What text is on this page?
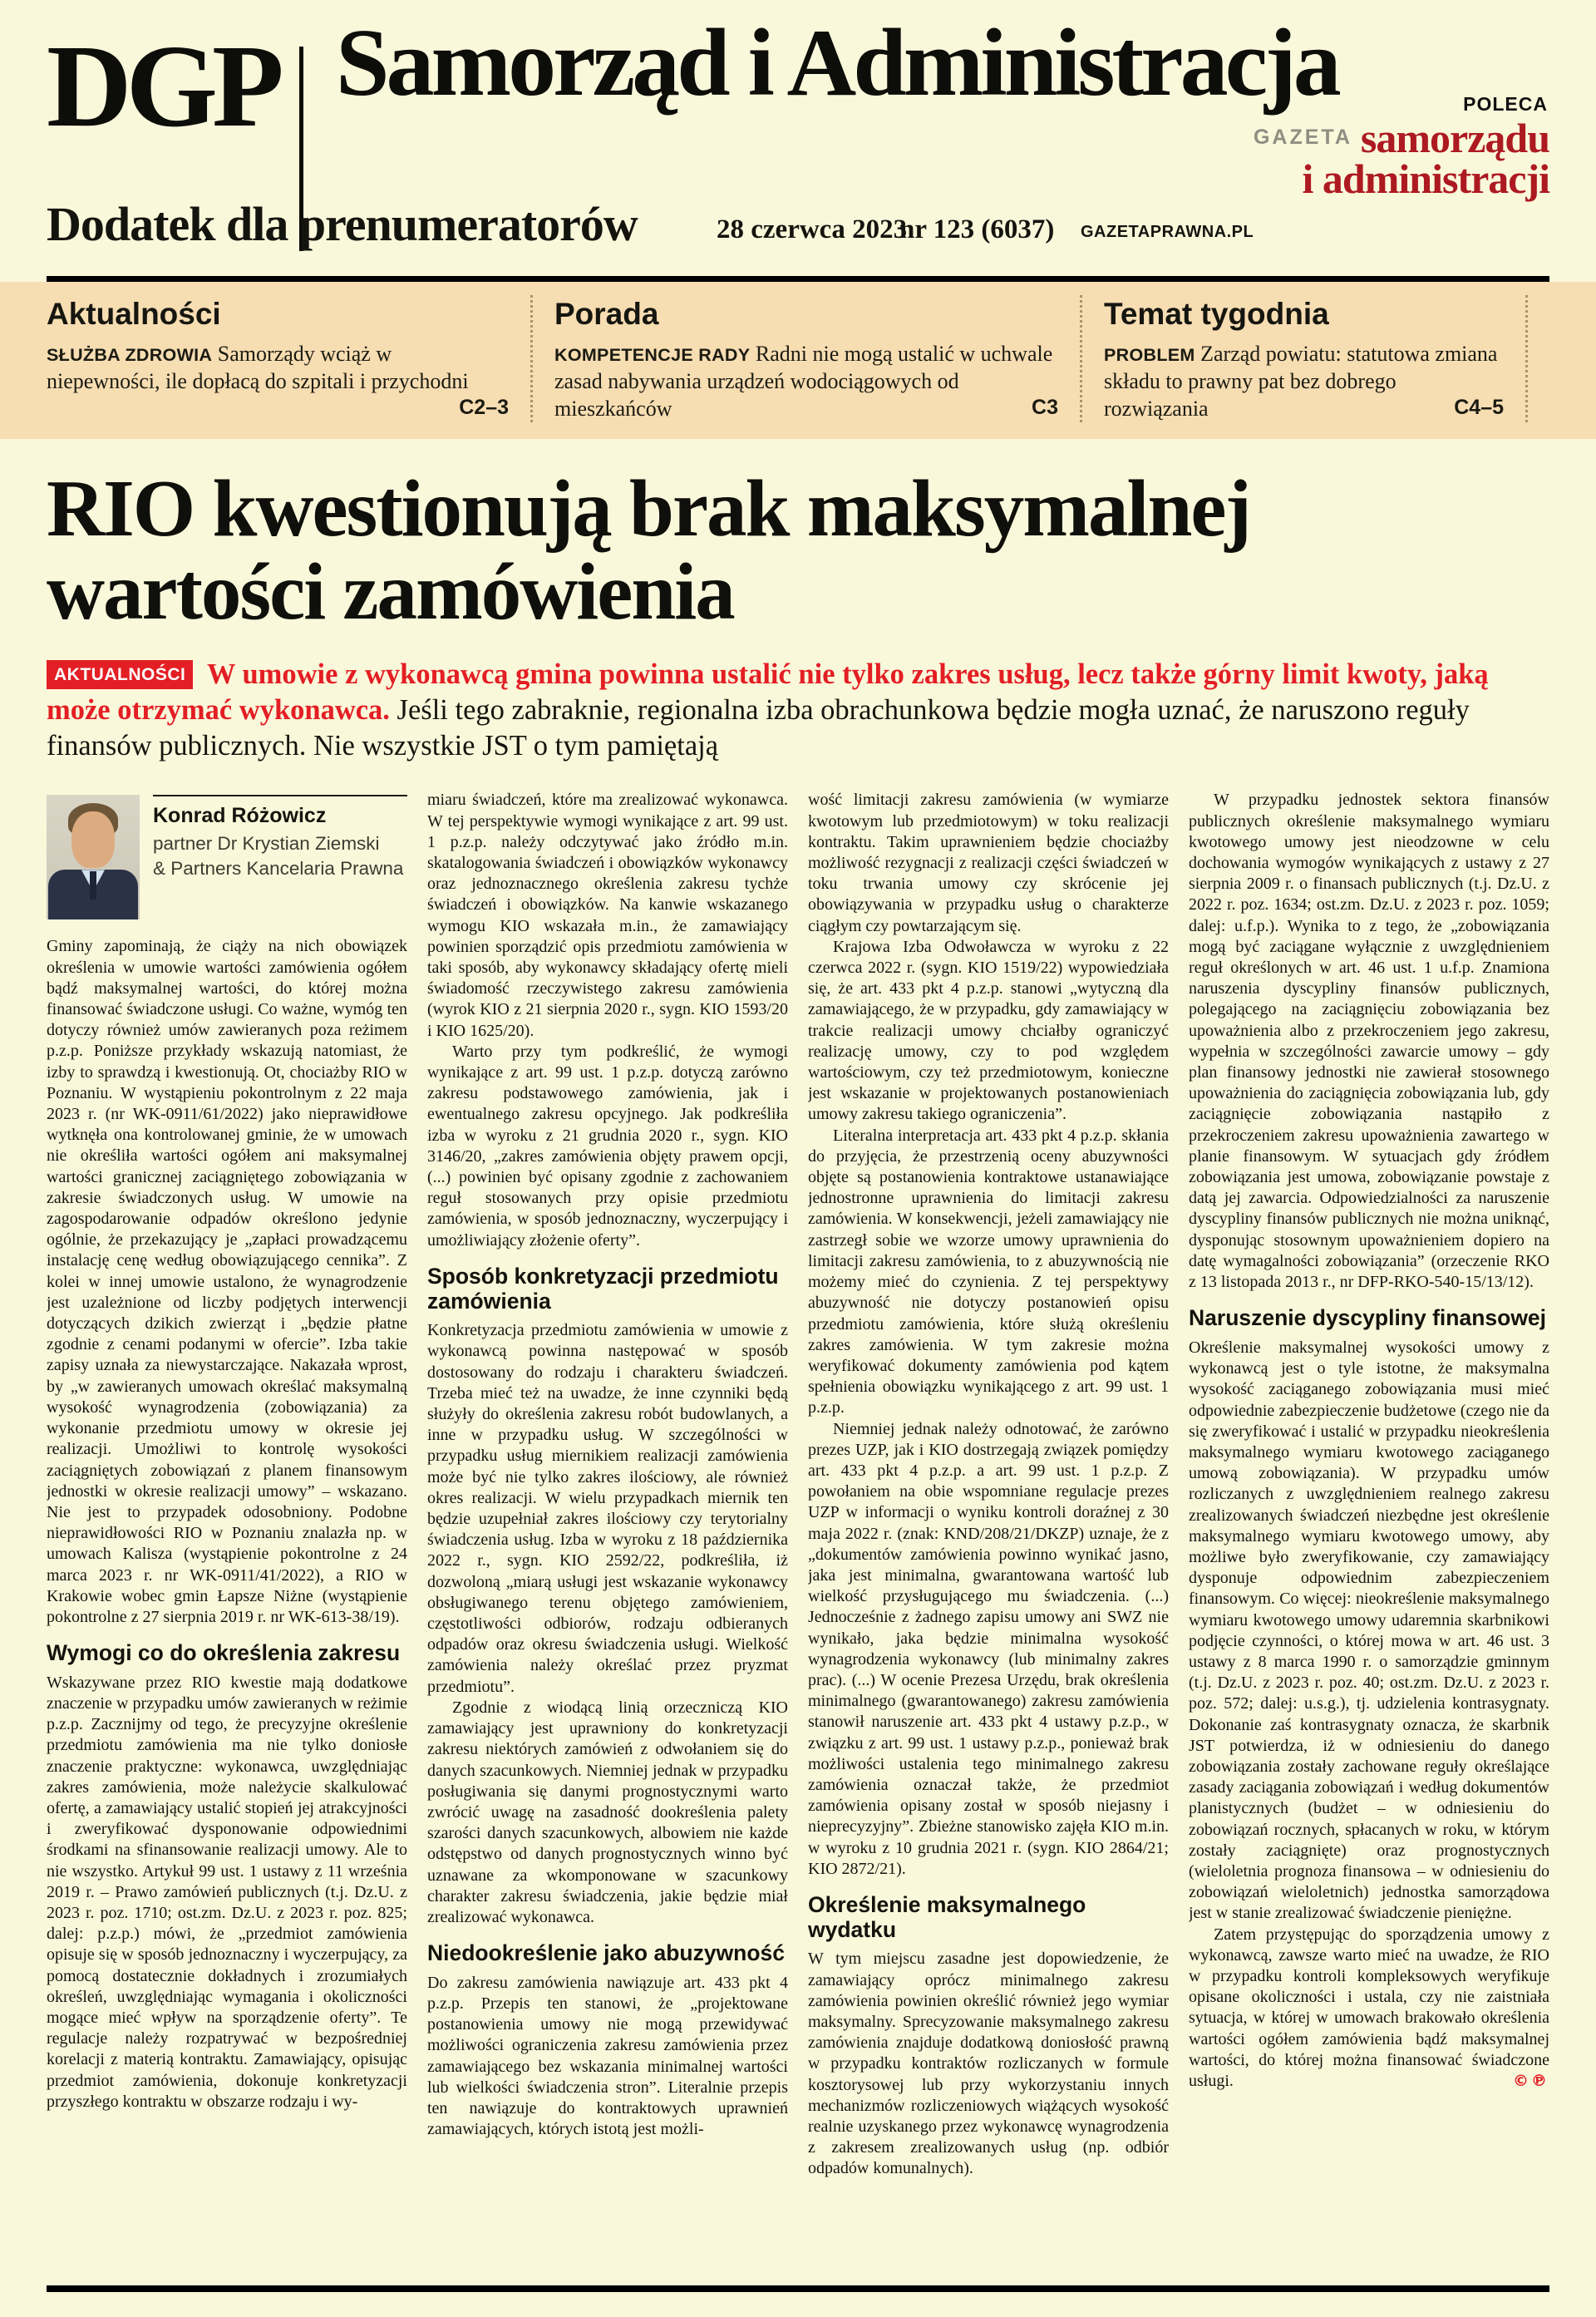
DGP Samorząd i Administracja
Dodatek dla prenumeratorów	28 czerwca 2023
nr 123 (6037) GAZETAPRAWNA.PL
POLECA
GAZETA samorządu
i administracji
Aktualności

SŁUŻBA ZDROWIA Samorządy wciąż w niepewności, ile dopłacą do szpitali i przychodni
C2–3

Porada

KOMPETENCJE RADY Radni nie mogą ustalić w uchwale zasad nabywania urządzeń wodociągowych od mieszkańców	C3

Temat tygodnia

PROBLEM Zarząd powiatu: statutowa zmiana składu to prawny pat bez dobrego rozwiązania	C4–5

RIO kwestionują brak maksymalnej
wartości zamówienia

AKTUALNOŚCI W umowie z wykonawcą gmina powinna ustalić nie tylko zakres usług, lecz także górny limit kwoty, jaką może otrzymać wykonawca. Jeśli tego zabraknie, regionalna izba obrachunkowa będzie mogła uznać, że naruszono reguły finansów publicznych. Nie wszystkie JST o tym pamiętają

Konrad Różowicz
partner Dr Krystian Ziemski
& Partners Kancelaria Prawna

Gminy zapominają, że ciąży na nich obowiązek określenia w umowie wartości zamówienia ogółem bądź maksymalnej wartości, do której można finansować świadczone usługi. Co ważne, wymóg ten dotyczy również umów zawieranych poza reżimem p.z.p. Poniższe przykłady wskazują natomiast, że izby to sprawdzą i kwestionują. Ot, chociażby RIO w Poznaniu. W wystąpieniu pokontrolnym z 22 maja 2023 r. (nr WK-0911/61/2022) jako nieprawidłowe wytknęła ona kontrolowanej gminie, że w umowach nie określiła wartości ogółem ani maksymalnej wartości granicznej zaciągniętego zobowiązania w zakresie świadczonych usług. W umowie na zagospodarowanie odpadów określono jedynie ogólnie, że przekazujący je „zapłaci prowadzącemu instalację cenę według obowiązującego cennika”. Z kolei w innej umowie ustalono, że wynagrodzenie jest uzależnione od liczby podjętych interwencji dotyczących dzikich zwierząt i „będzie płatne zgodnie z cenami podanymi w ofercie”. Izba takie zapisy uznała za niewystarczające. Nakazała wprost, by „w zawieranych umowach określać maksymalną wysokość wynagrodzenia (zobowiązania) za wykonanie przedmiotu umowy w okresie jej realizacji. Umożliwi to kontrolę wysokości zaciągniętych zobowiązań z planem finansowym jednostki w okresie realizacji umowy” – wskazano. Nie jest to przypadek odosobniony. Podobne nieprawidłowości RIO w Poznaniu znalazła np. w umowach Kalisza (wystąpienie pokontrolne z 24 marca 2023 r. nr WK-0911/41/2022), a RIO w Krakowie wobec gmin Łapsze Niżne (wystąpienie pokontrolne z 27 sierpnia 2019 r. nr WK-613-38/19).

Wymogi co do określenia zakresu

Wskazywane przez RIO kwestie mają dodatkowe znaczenie w przypadku umów zawieranych w reżimie p.z.p. Zacznijmy od tego, że precyzyjne określenie przedmiotu zamówienia ma nie tylko doniosłe znaczenie praktyczne: wykonawca, uwzględniając zakres zamówienia, może należycie skalkulować ofertę, a zamawiający ustalić stopień jej atrakcyjności i zweryfikować dysponowanie odpowiednimi środkami na sfinansowanie realizacji umowy. Ale to nie wszystko. Artykuł 99 ust. 1 ustawy z 11 września 2019 r. – Prawo zamówień publicznych (t.j. Dz.U. z 2023 r. poz. 1710; ost.zm. Dz.U. z 2023 r. poz. 825; dalej: p.z.p.) mówi, że „przedmiot zamówienia opisuje się w sposób jednoznaczny i wyczerpujący, za pomocą dostatecznie dokładnych i zrozumiałych określeń, uwzględniając wymagania i okoliczności mogące mieć wpływ na sporządzenie oferty”. Te regulacje należy rozpatrywać w bezpośredniej korelacji z materią kontraktu. Zamawiający, opisując przedmiot zamówienia, dokonuje konkretyzacji przyszłego kontraktu w obszarze rodzaju i wy-

miaru świadczeń, które ma zrealizować wykonawca. W tej perspektywie wymogi wynikające z art. 99 ust. 1 p.z.p. należy odczytywać jako źródło m.in. skatalogowania świadczeń i obowiązków wykonawcy oraz jednoznacznego określenia zakresu tychże świadczeń i obowiązków. Na kanwie wskazanego wymogu KIO wskazała m.in., że zamawiający powinien sporządzić opis przedmiotu zamówienia w taki sposób, aby wykonawcy składający ofertę mieli świadomość rzeczywistego zakresu zamówienia (wyrok KIO z 21 sierpnia 2020 r., sygn. KIO 1593/20 i KIO 1625/20).

Warto przy tym podkreślić, że wymogi wynikające z art. 99 ust. 1 p.z.p. dotyczą zarówno zakresu podstawowego zamówienia, jak i ewentualnego zakresu opcyjnego. Jak podkreśliła izba w wyroku z 21 grudnia 2020 r., sygn. KIO 3146/20, „zakres zamówienia objęty prawem opcji, (...) powinien być opisany zgodnie z zachowaniem reguł stosowanych przy opisie przedmiotu zamówienia, w sposób jednoznaczny, wyczerpujący i umożliwiający złożenie oferty”.

Sposób konkretyzacji przedmiotu zamówienia

Konkretyzacja przedmiotu zamówienia w umowie z wykonawcą powinna następować w sposób dostosowany do rodzaju i charakteru świadczeń. Trzeba mieć też na uwadze, że inne czynniki będą służyły do określenia zakresu robót budowlanych, a inne w przypadku usług. W szczególności w przypadku usług miernikiem realizacji zamówienia może być nie tylko zakres ilościowy, ale również okres realizacji. W wielu przypadkach miernik ten będzie uzupełniał zakres ilościowy czy terytorialny świadczenia usług. Izba w wyroku z 18 października 2022 r., sygn. KIO 2592/22, podkreśliła, iż dozwoloną „miarą usługi jest wskazanie wykonawcy obsługiwanego terenu objętego zamówieniem, częstotliwości odbiorów, rodzaju odbieranych odpadów oraz okresu świadczenia usługi. Wielkość zamówienia należy określać przez pryzmat przedmiotu”.

Zgodnie z wiodącą linią orzeczniczą KIO zamawiający jest uprawniony do konkretyzacji zakresu niektórych zamówień z odwołaniem się do danych szacunkowych. Niemniej jednak w przypadku posługiwania się danymi prognostycznymi warto zwrócić uwagę na zasadność dookreślenia palety szarości danych szacunkowych, albowiem nie każde odstępstwo od danych prognostycznych winno być uznawane za wkomponowane w szacunkowy charakter zakresu świadczenia, jakie będzie miał zrealizować wykonawca.

Niedookreślenie jako abuzywność

Do zakresu zamówienia nawiązuje art. 433 pkt 4 p.z.p. Przepis ten stanowi, że „projektowane postanowienia umowy nie mogą przewidywać możliwości ograniczenia zakresu zamówienia przez zamawiającego bez wskazania minimalnej wartości lub wielkości świadczenia stron”. Literalnie przepis ten nawiązuje do kontraktowych uprawnień zamawiających, których istotą jest możli-

wość limitacji zakresu zamówienia (w wymiarze kwotowym lub przedmiotowym) w toku realizacji kontraktu. Takim uprawnieniem będzie chociażby możliwość rezygnacji z realizacji części świadczeń w toku trwania umowy czy skrócenie jej obowiązywania w przypadku usług o charakterze ciągłym czy powtarzającym się.

Krajowa Izba Odwoławcza w wyroku z 22 czerwca 2022 r. (sygn. KIO 1519/22) wypowiedziała się, że art. 433 pkt 4 p.z.p. stanowi „wytyczną dla zamawiającego, że w przypadku, gdy zamawiający w trakcie realizacji umowy chciałby ograniczyć realizację umowy, czy to pod względem wartościowym, czy też przedmiotowym, konieczne jest wskazanie w projektowanych postanowieniach umowy zakresu takiego ograniczenia”.

Literalna interpretacja art. 433 pkt 4 p.z.p. skłania do przyjęcia, że przestrzenią oceny abuzywności objęte są postanowienia kontraktowe ustanawiające jednostronne uprawnienia do limitacji zakresu zamówienia. W konsekwencji, jeżeli zamawiający nie zastrzegł sobie we wzorze umowy uprawnienia do limitacji zakresu zamówienia, to z abuzywnością nie możemy mieć do czynienia. Z tej perspektywy abuzywność nie dotyczy postanowień opisu przedmiotu zamówienia, które służą określeniu zakres zamówienia. W tym zakresie można weryfikować dokumenty zamówienia pod kątem spełnienia obowiązku wynikającego z art. 99 ust. 1 p.z.p.

Niemniej jednak należy odnotować, że zarówno prezes UZP, jak i KIO dostrzegają związek pomiędzy art. 433 pkt 4 p.z.p. a art. 99 ust. 1 p.z.p. Z powołaniem na obie wspomniane regulacje prezes UZP w informacji o wyniku kontroli doraźnej z 30 maja 2022 r. (znak: KND/208/21/DKZP) uznaje, że z „dokumentów zamówienia powinno wynikać jasno, jaka jest minimalna, gwarantowana wartość lub wielkość przysługującego mu świadczenia. (...) Jednocześnie z żadnego zapisu umowy ani SWZ nie wynikało, jaka będzie minimalna wysokość wynagrodzenia wykonawcy (lub minimalny zakres prac). (...) W ocenie Prezesa Urzędu, brak określenia minimalnego (gwarantowanego) zakresu zamówienia stanowił naruszenie art. 433 pkt 4 ustawy p.z.p., w związku z art. 99 ust. 1 ustawy p.z.p., ponieważ brak możliwości ustalenia tego minimalnego zakresu zamówienia oznaczał także, że przedmiot zamówienia opisany został w sposób niejasny i nieprecyzyjny”. Zbieżne stanowisko zajęła KIO m.in. w wyroku z 10 grudnia 2021 r. (sygn. KIO 2864/21; KIO 2872/21).

Określenie maksymalnego wydatku

W tym miejscu zasadne jest dopowiedzenie, że zamawiający oprócz minimalnego zakresu zamówienia powinien określić również jego wymiar maksymalny. Sprecyzowanie maksymalnego zakresu zamówienia znajduje dodatkową doniosłość prawną w przypadku kontraktów rozliczanych w formule kosztorysowej lub przy wykorzystaniu innych mechanizmów rozliczeniowych wiążących wysokość realnie uzyskanego przez wykonawcę wynagrodzenia z zakresem zrealizowanych usług (np. odbiór odpadów komunalnych).

W przypadku jednostek sektora finansów publicznych określenie maksymalnego wymiaru kwotowego umowy jest nieodzowne w celu dochowania wymogów wynikających z ustawy z 27 sierpnia 2009 r. o finansach publicznych (t.j. Dz.U. z 2022 r. poz. 1634; ost.zm. Dz.U. z 2023 r. poz. 1059; dalej: u.f.p.). Wynika to z tego, że „zobowiązania mogą być zaciągane wyłącznie z uwzględnieniem reguł określonych w art. 46 ust. 1 u.f.p. Znamiona naruszenia dyscypliny finansów publicznych, polegającego na zaciągnięciu zobowiązania bez upoważnienia albo z przekroczeniem jego zakresu, wypełnia w szczególności zawarcie umowy – gdy plan finansowy jednostki nie zawierał stosownego upoważnienia do zaciągnięcia zobowiązania lub, gdy zaciągnięcie zobowiązania nastąpiło z przekroczeniem zakresu upoważnienia zawartego w planie finansowym. W sytuacjach gdy źródłem zobowiązania jest umowa, zobowiązanie powstaje z datą jej zawarcia. Odpowiedzialności za naruszenie dyscypliny finansów publicznych nie można uniknąć, dysponując stosownym upoważnieniem dopiero na datę wymagalności zobowiązania” (orzeczenie RKO z 13 listopada 2013 r., nr DFP-RKO-540-15/13/12).

Naruszenie dyscypliny finansowej

Określenie maksymalnej wysokości umowy z wykonawcą jest o tyle istotne, że maksymalna wysokość zaciąganego zobowiązania musi mieć odpowiednie zabezpieczenie budżetowe (czego nie da się zweryfikować i ustalić w przypadku nieokreślenia maksymalnego wymiaru kwotowego zaciąganego umową zobowiązania). W przypadku umów rozliczanych z uwzględnieniem realnego zakresu zrealizowanych świadczeń niezbędne jest określenie maksymalnego wymiaru kwotowego umowy, aby możliwe było zweryfikowanie, czy zamawiający dysponuje odpowiednim zabezpieczeniem finansowym. Co więcej: nieokreślenie maksymalnego wymiaru kwotowego umowy udaremnia skarbnikowi podjęcie czynności, o której mowa w art. 46 ust. 3 ustawy z 8 marca 1990 r. o samorządzie gminnym (t.j. Dz.U. z 2023 r. poz. 40; ost.zm. Dz.U. z 2023 r. poz. 572; dalej: u.s.g.), tj. udzielenia kontrasygnaty. Dokonanie zaś kontrasygnaty oznacza, że skarbnik JST potwierdza, iż w odniesieniu do danego zobowiązania zostały zachowane reguły określające zasady zaciągania zobowiązań i według dokumentów planistycznych (budżet – w odniesieniu do zobowiązań rocznych, spłacanych w roku, w którym zostały zaciągnięte) oraz prognostycznych (wieloletnia prognoza finansowa – w odniesieniu do zobowiązań wieloletnich) jednostka samorządowa jest w stanie zrealizować świadczenie pieniężne.

Zatem przystępując do sporządzenia umowy z wykonawcą, zawsze warto mieć na uwadze, że RIO w przypadku kontroli kompleksowych weryfikuje opisane okoliczności i ustala, czy nie zaistniała sytuacja, w której w umowach brakowało określenia wartości ogółem zamówienia bądź maksymalnej wartości, do której można finansować świadczone usługi.	©℗
